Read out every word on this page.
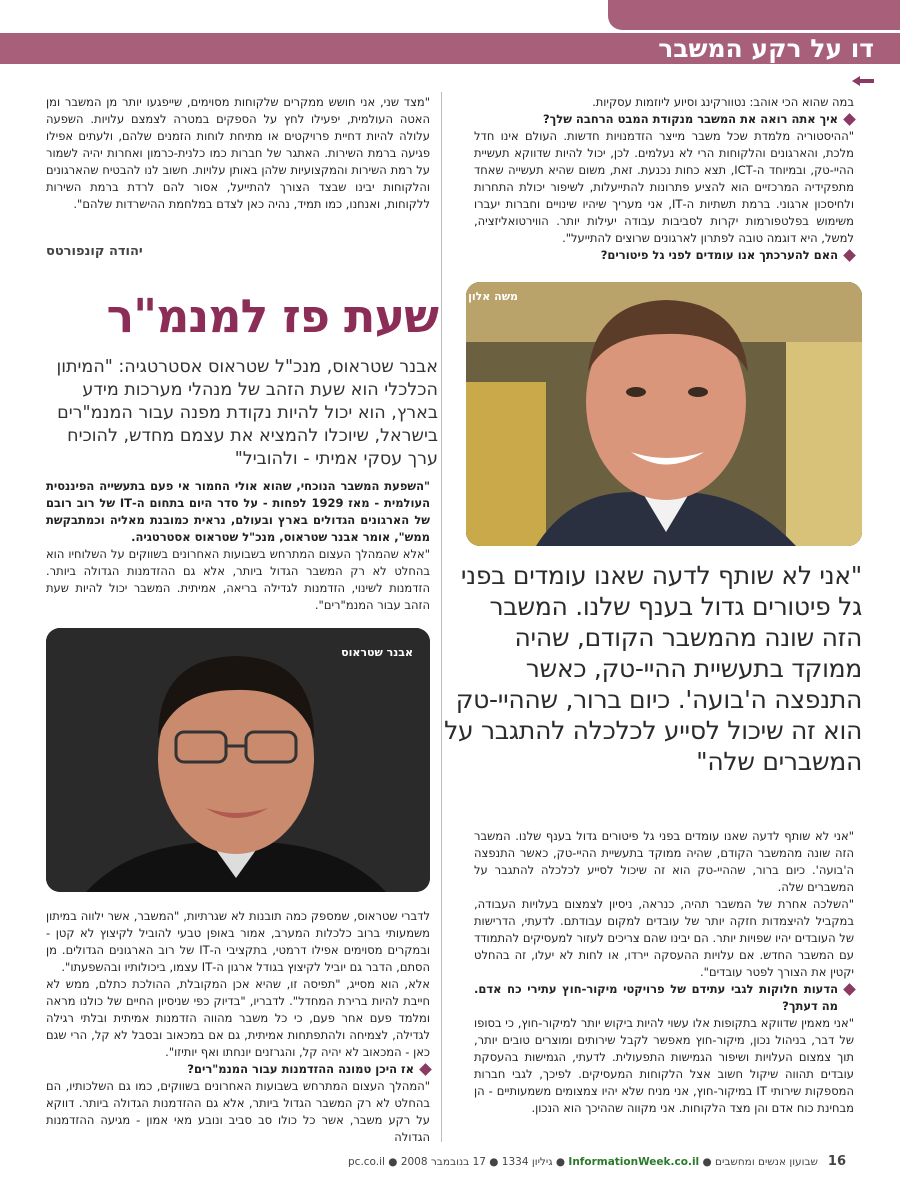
דו על רקע המשבר

במה שהוא הכי אוהב: נטוורקינג וסיוע ליוזמות עסקיות.

איך אתה רואה את המשבר מנקודת המבט הרחבה שלך?

"ההיסטוריה מלמדת שכל משבר מייצר הזדמנויות חדשות. העולם אינו חדל מלכת, והארגונים והלקוחות הרי לא נעלמים. לכן, יכול להיות שדווקא תעשיית ההיי-טק, ובמיוחד ה-ICT, תצא כחות נכנעת. זאת, משום שהיא תעשייה שאחד מתפקידיה המרכזיים הוא להציע פתרונות להתייעלות, לשיפור יכולת התחרות ולחיסכון ארגוני. ברמת תשתיות ה-IT, אני מעריך שיהיו שינויים וחברות יעברו משימוש בפלטפורמות יקרות לסביבות עבודה יעילות יותר. הווירטואליזציה, למשל, היא דוגמה טובה לפתרון לארגונים שרוצים להתייעל".

האם להערכתך אנו עומדים לפני גל פיטורים?
משה אלון
"אני לא שותף לדעה שאנו עומדים בפני גל פיטורים גדול בענף שלנו. המשבר הזה שונה מהמשבר הקודם, שהיה ממוקד בתעשיית ההיי-טק, כאשר התנפצה ה'בועה'. כיום ברור, שההיי-טק הוא זה שיכול לסייע לכלכלה להתגבר על המשברים שלה"

"אני לא שותף לדעה שאנו עומדים בפני גל פיטורים גדול בענף שלנו. המשבר הזה שונה מהמשבר הקודם, שהיה ממוקד בתעשיית ההיי-טק, כאשר התנפצה ה'בועה'. כיום ברור, שההיי-טק הוא זה שיכול לסייע לכלכלה להתגבר על המשברים שלה.

"השלכה אחרת של המשבר תהיה, כנראה, ניסיון לצמצום בעלויות העבודה, במקביל להיצמדות חזקה יותר של עובדים למקום עבודתם. לדעתי, הדרישות של העובדים יהיו שפויות יותר. הם יבינו שהם צריכים לעזור למעסיקים להתמודד עם המשבר החדש. אם עלויות ההעסקה יירדו, או לחות לא יעלו, זה בהחלט יקטין את הצורך לפטר עובדים".

הדעות חלוקות לגבי עתידם של פרויקטי מיקור-חוץ עתירי כח אדם. מה דעתך?

"אני מאמין שדווקא בתקופות אלו עשוי להיות ביקוש יותר למיקור-חוץ, כי בסופו של דבר, בניהול נכון, מיקור-חוץ מאפשר לקבל שירותים ומוצרים טובים יותר, תוך צמצום העלויות ושיפור הגמישות התפעולית. לדעתי, הגמישות בהעסקת עובדים תהווה שיקול חשוב אצל הלקוחות המעסיקים. לפיכך, לגבי חברות המספקות שירותי IT במיקור-חוץ, אני מניח שלא יהיו צמצומים משמעותיים - הן מבחינת כוח אדם והן מצד הלקוחות. אני מקווה שההיכך הוא הנכון.

"מצד שני, אני חושש ממקרים שלקוחות מסוימים, שייפגעו יותר מן המשבר ומן האטה העולמית, יפעילו לחץ על הספקים במטרה לצמצם עלויות. השפעה עלולה להיות דחיית פרויקטים או מתיחת לוחות הזמנים שלהם, ולעתים אפילו פגיעה ברמת השירות. האתגר של חברות כמו כלנית-כרמון ואחרות יהיה לשמור על רמת השירות והמקצועיות שלהן באותן עלויות. חשוב לנו להבטיח שהארגונים והלקוחות יבינו שבצד הצורך להתייעל, אסור להם לרדת ברמת השירות ללקוחות, ואנחנו, כמו תמיד, נהיה כאן לצדם במלחמת ההישרדות שלהם".

יהודה קונפורטס
שעת פז למנמ"ר
אבנר שטראוס, מנכ"ל שטראוס אסטרטגיה: "המיתון הכלכלי הוא שעת הזהב של מנהלי מערכות מידע בארץ, הוא יכול להיות נקודת מפנה עבור המנמ"רים בישראל, שיוכלו להמציא את עצמם מחדש, להוכיח ערך עסקי אמיתי - ולהוביל"

"השפעת המשבר הנוכחי, שהוא אולי החמור אי פעם בתעשייה הפיננסית העולמית - מאז 1929 לפחות - על סדר היום בתחום ה-IT של רוב רובם של הארגונים הגדולים בארץ ובעולם, נראית כמובנת מאליה וכמתבקשת ממש", אומר אבנר שטראוס, מנכ"ל שטראוס אסטרטגיה.

"אלא שהמהלך העצום המתרחש בשבועות האחרונים בשווקים על השלוחיו הוא בהחלט לא רק המשבר הגדול ביותר, אלא גם ההזדמנות הגדולה ביותר. הזדמנות לשינוי, הזדמנות לגדילה בריאה, אמיתית. המשבר יכול להיות שעת הזהב עבור המנמ"רים".

אבנר שטראוס

לדברי שטראוס, שמספק כמה תובנות לא שגרתיות, "המשבר, אשר ילווה במיתון משמעותי ברוב כלכלות המערב, אמור באופן טבעי להוביל לקיצוץ לא קטן - ובמקרים מסוימים אפילו דרמטי, בתקציבי ה-IT של רוב הארגונים הגדולים. מן הסתם, הדבר גם יוביל לקיצוץ בגודל ארגון ה-IT עצמו, ביכולותיו ובהשפעתו".

אלא, הוא מסייג, "תפיסה זו, שהיא אכן המקובלת, ההולכת כתלם, ממש לא חייבת להיות ברירת המחדל". לדבריו, "בדיוק כפי שניסיון החיים של כולנו מראה ומלמד פעם אחר פעם, כי כל משבר מהווה הזדמנות אמיתית ובלתי רגילה לגדילה, לצמיחה ולהתפתחות אמיתית, גם אם במכאוב ובסבל לא קל, הרי שגם כאן - המכאוב לא יהיה קל, והגרזנים יונחתו ואף יותיזו".

אז היכן טמונה ההזדמנות עבור המנמ"רים?

"המהלך העצום המתרחש בשבועות האחרונים בשווקים, כמו גם השלכותיו, הם בהחלט לא רק המשבר הגדול ביותר, אלא גם ההזדמנות הגדולה ביותר. דווקא על רקע משבר, אשר כל כולו סב סביב ונובע מאי אמון - מגיעה ההזדמנות הגדולה

16
שבועון אנשים ומחשבים ● InformationWeek.co.il ● גיליון 1334 ● 17 בנובמבר 2008 ● pc.co.il
